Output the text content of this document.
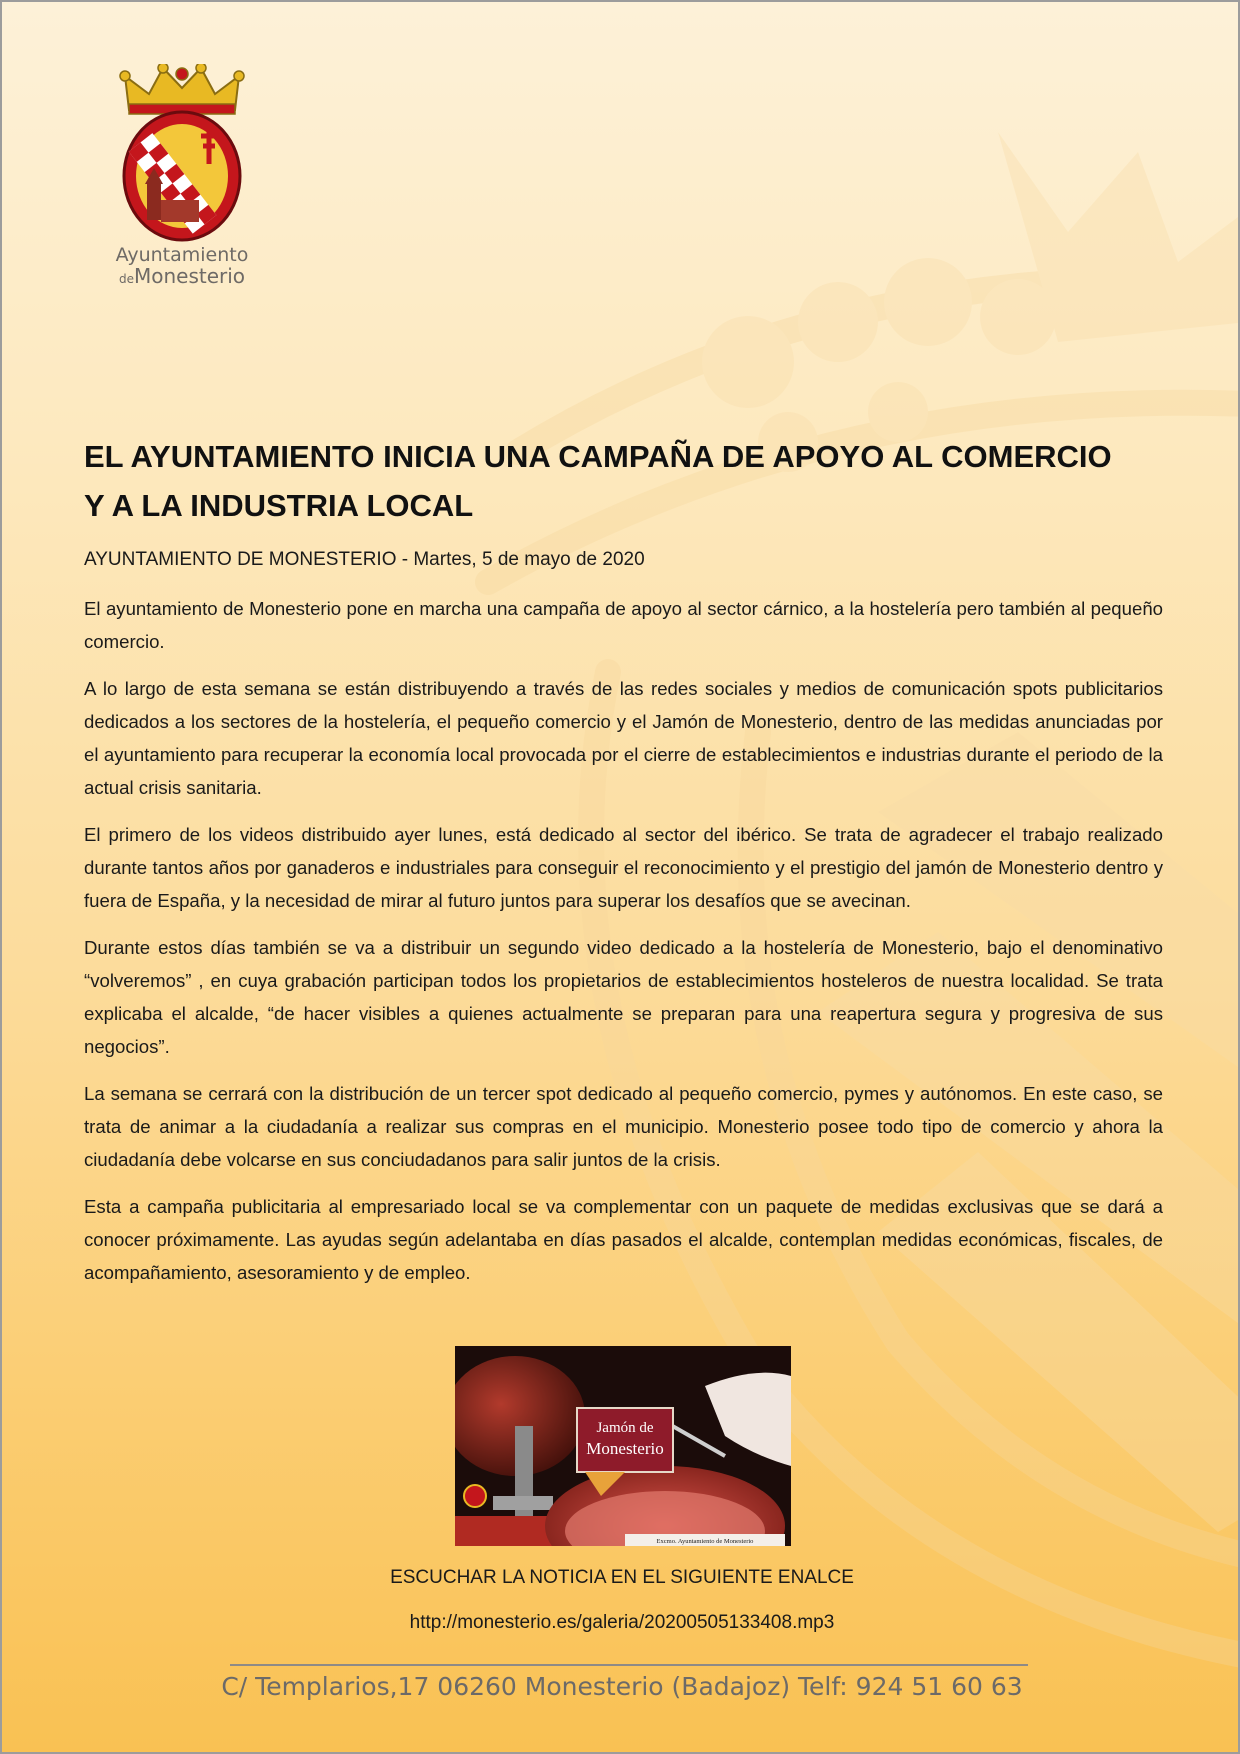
Ayuntamiento
deMonesterio
EL AYUNTAMIENTO INICIA UNA CAMPAÑA DE APOYO AL COMERCIO
Y A LA INDUSTRIA LOCAL
AYUNTAMIENTO DE MONESTERIO - Martes, 5 de mayo de 2020

El ayuntamiento de Monesterio pone en marcha una campaña de apoyo al sector cárnico, a la hostelería pero también al pequeño comercio.

A lo largo de esta semana se están distribuyendo a través de las redes sociales y medios de comunicación spots publicitarios dedicados a los sectores de la hostelería, el pequeño comercio y el Jamón de Monesterio, dentro de las medidas anunciadas por el ayuntamiento para recuperar la economía local provocada por el cierre de establecimientos e industrias durante el periodo de la actual crisis sanitaria.

El primero de los videos distribuido ayer lunes, está dedicado al sector del ibérico. Se trata de agradecer el trabajo realizado durante tantos años por ganaderos e industriales para conseguir el reconocimiento y el prestigio del jamón de Monesterio dentro y fuera de España, y la necesidad de mirar al futuro juntos para superar los desafíos que se avecinan.

Durante estos días también se va a distribuir un segundo video dedicado a la hostelería de Monesterio, bajo el denominativo “volveremos” , en cuya grabación participan todos los propietarios de establecimientos hosteleros de nuestra localidad. Se trata explicaba el alcalde, “de hacer visibles a quienes actualmente se preparan para una reapertura segura y progresiva de sus negocios”.

La semana se cerrará con la distribución de un tercer spot dedicado al pequeño comercio, pymes y autónomos. En este caso, se trata de animar a la ciudadanía a realizar sus compras en el municipio. Monesterio posee todo tipo de comercio y ahora la ciudadanía debe volcarse en sus conciudadanos para salir juntos de la crisis.

Esta a campaña publicitaria al empresariado local se va complementar con un paquete de medidas exclusivas que se dará a conocer próximamente. Las ayudas según adelantaba en días pasados el alcalde, contemplan medidas económicas, fiscales, de acompañamiento, asesoramiento y de empleo.

Jamón de
Monesterio
Excmo. Ayuntamiento de Monesterio
ESCUCHAR LA NOTICIA EN EL SIGUIENTE ENALCE
http://monesterio.es/galeria/20200505133408.mp3
C/ Templarios,17 06260 Monesterio (Badajoz) Telf: 924 51 60 63
